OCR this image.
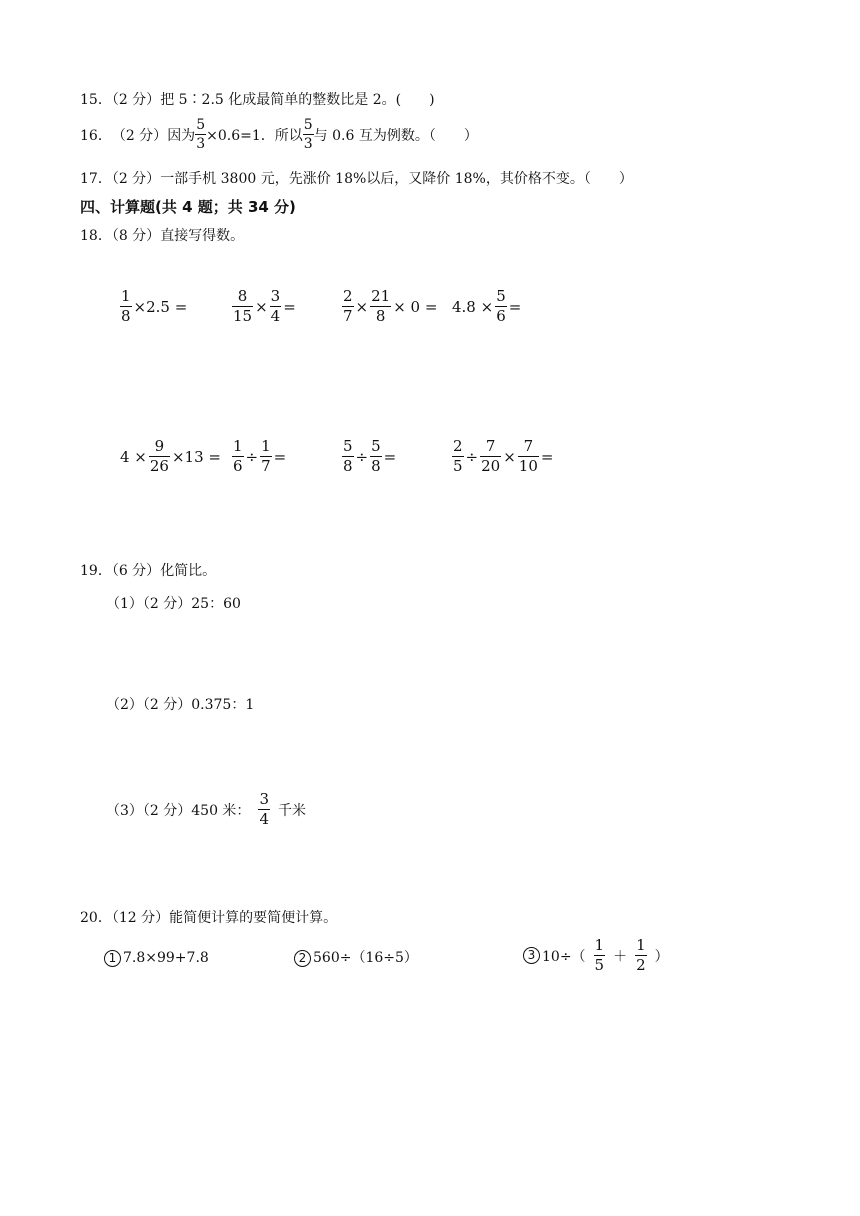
15．（2 分）把 5∶2.5 化成最简单的整数比是 2。(　　)
16． （2 分） 因为 $\frac{5}{3} \times 0.6=1$．所以 $\frac{5}{3}$ 与 0.6 互为例数。（　　）
17．（2 分）一部手机 3800 元，先涨价 18%以后，又降价 18%，其价格不变。（　　）
四、计算题(共 4 题；共 34 分)
18．（8 分）直接写得数。
$\frac{1}{8} \times 2.5$ =	$\frac{8}{15} \times \frac{3}{4}$ =	$\frac{2}{7} \times \frac{21}{8} \times 0 = 4.8 \times \frac{5}{6}$ =
$4 \times \frac{9}{26} \times 13 = \frac{1}{6} \div \frac{1}{7}$ =	$\frac{5}{8} \div \frac{5}{8}$ =	$\frac{2}{5} \div \frac{7}{20} \times \frac{7}{10}$ =
19．（6 分）化简比。
（1）（2 分）25：60
（2）（2 分）0.375：1
（3）（2 分）450 米： $\frac{3}{4}$ 千米
20．（12 分）能简便计算的要简便计算。
1 7.8×99+7.8	2 560÷（16÷5）	3 $10\div( \frac{1}{5} + \frac{1}{2}$ ）
